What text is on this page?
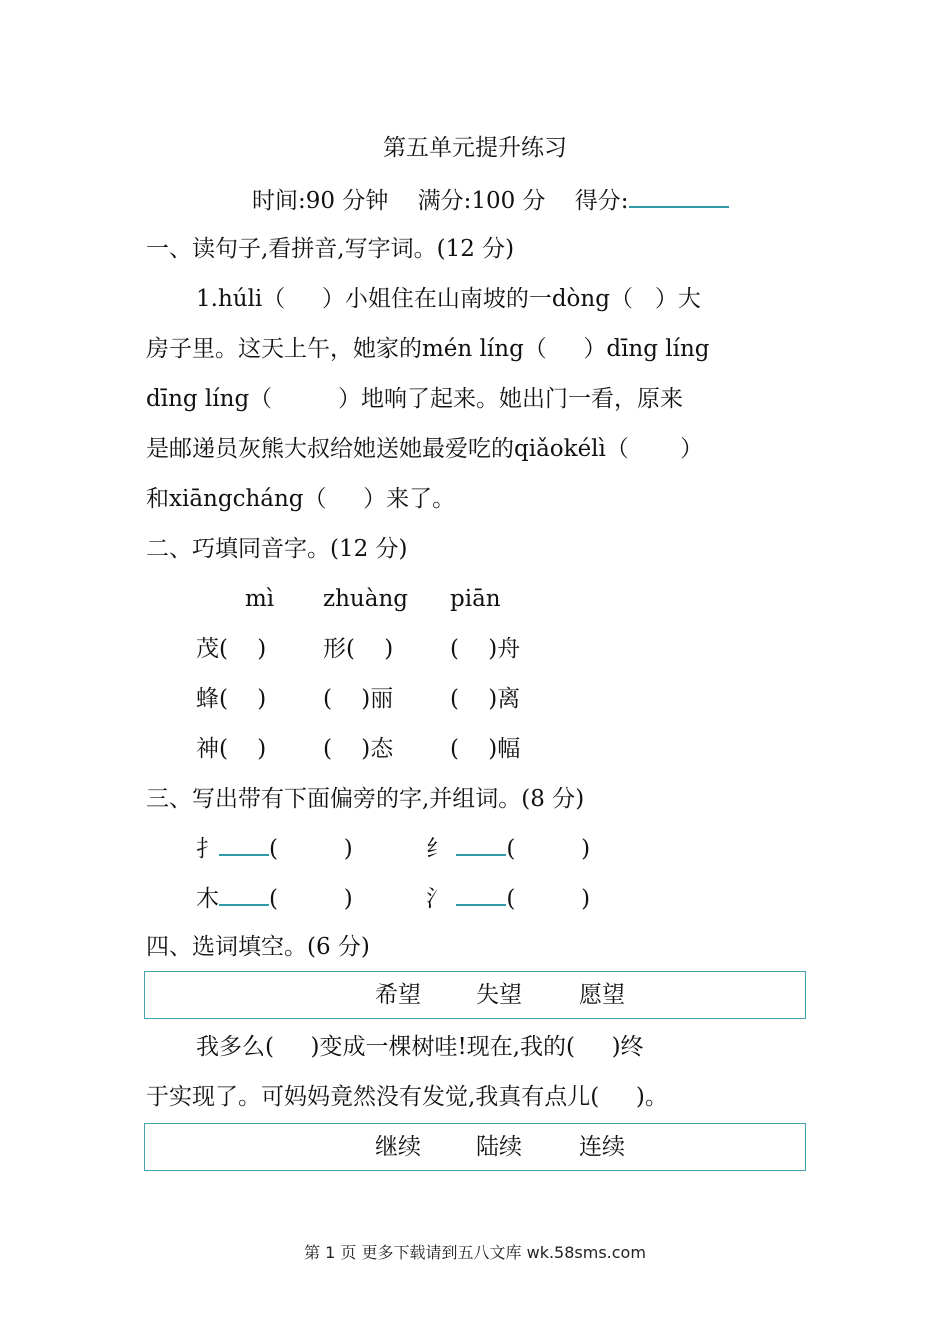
第五单元提升练习
时间:90 分钟 满分:100 分 得分:
一、读句子,看拼音,写字词。(12 分)
1.húli（     ）小姐住在山南坡的一dòng（   ）大
房子里。这天上午，她家的mén líng（     ）dīng líng
dīng líng（         ）地响了起来。她出门一看，原来
是邮递员灰熊大叔给她送她最爱吃的qiǎokélì（       ）
和xiāngcháng（     ）来了。
二、巧填同音字。(12 分)
mì zhuàng piān
茂(    ) 形(    ) (    )舟
蜂(    ) (    )丽 (    )离
神(    ) (    )态 (    )幅
三、写出带有下面偏旁的字,并组词。(8 分)
扌 (         )	纟 (         )
木 (         )	氵 (         )
四、选词填空。(6 分)
希望 失望 愿望
我多么(     )变成一棵树哇!现在,我的(     )终
于实现了。可妈妈竟然没有发觉,我真有点儿(     )。
继续 陆续 连续
第 1 页 更多下载请到五八文库 wk.58sms.com
